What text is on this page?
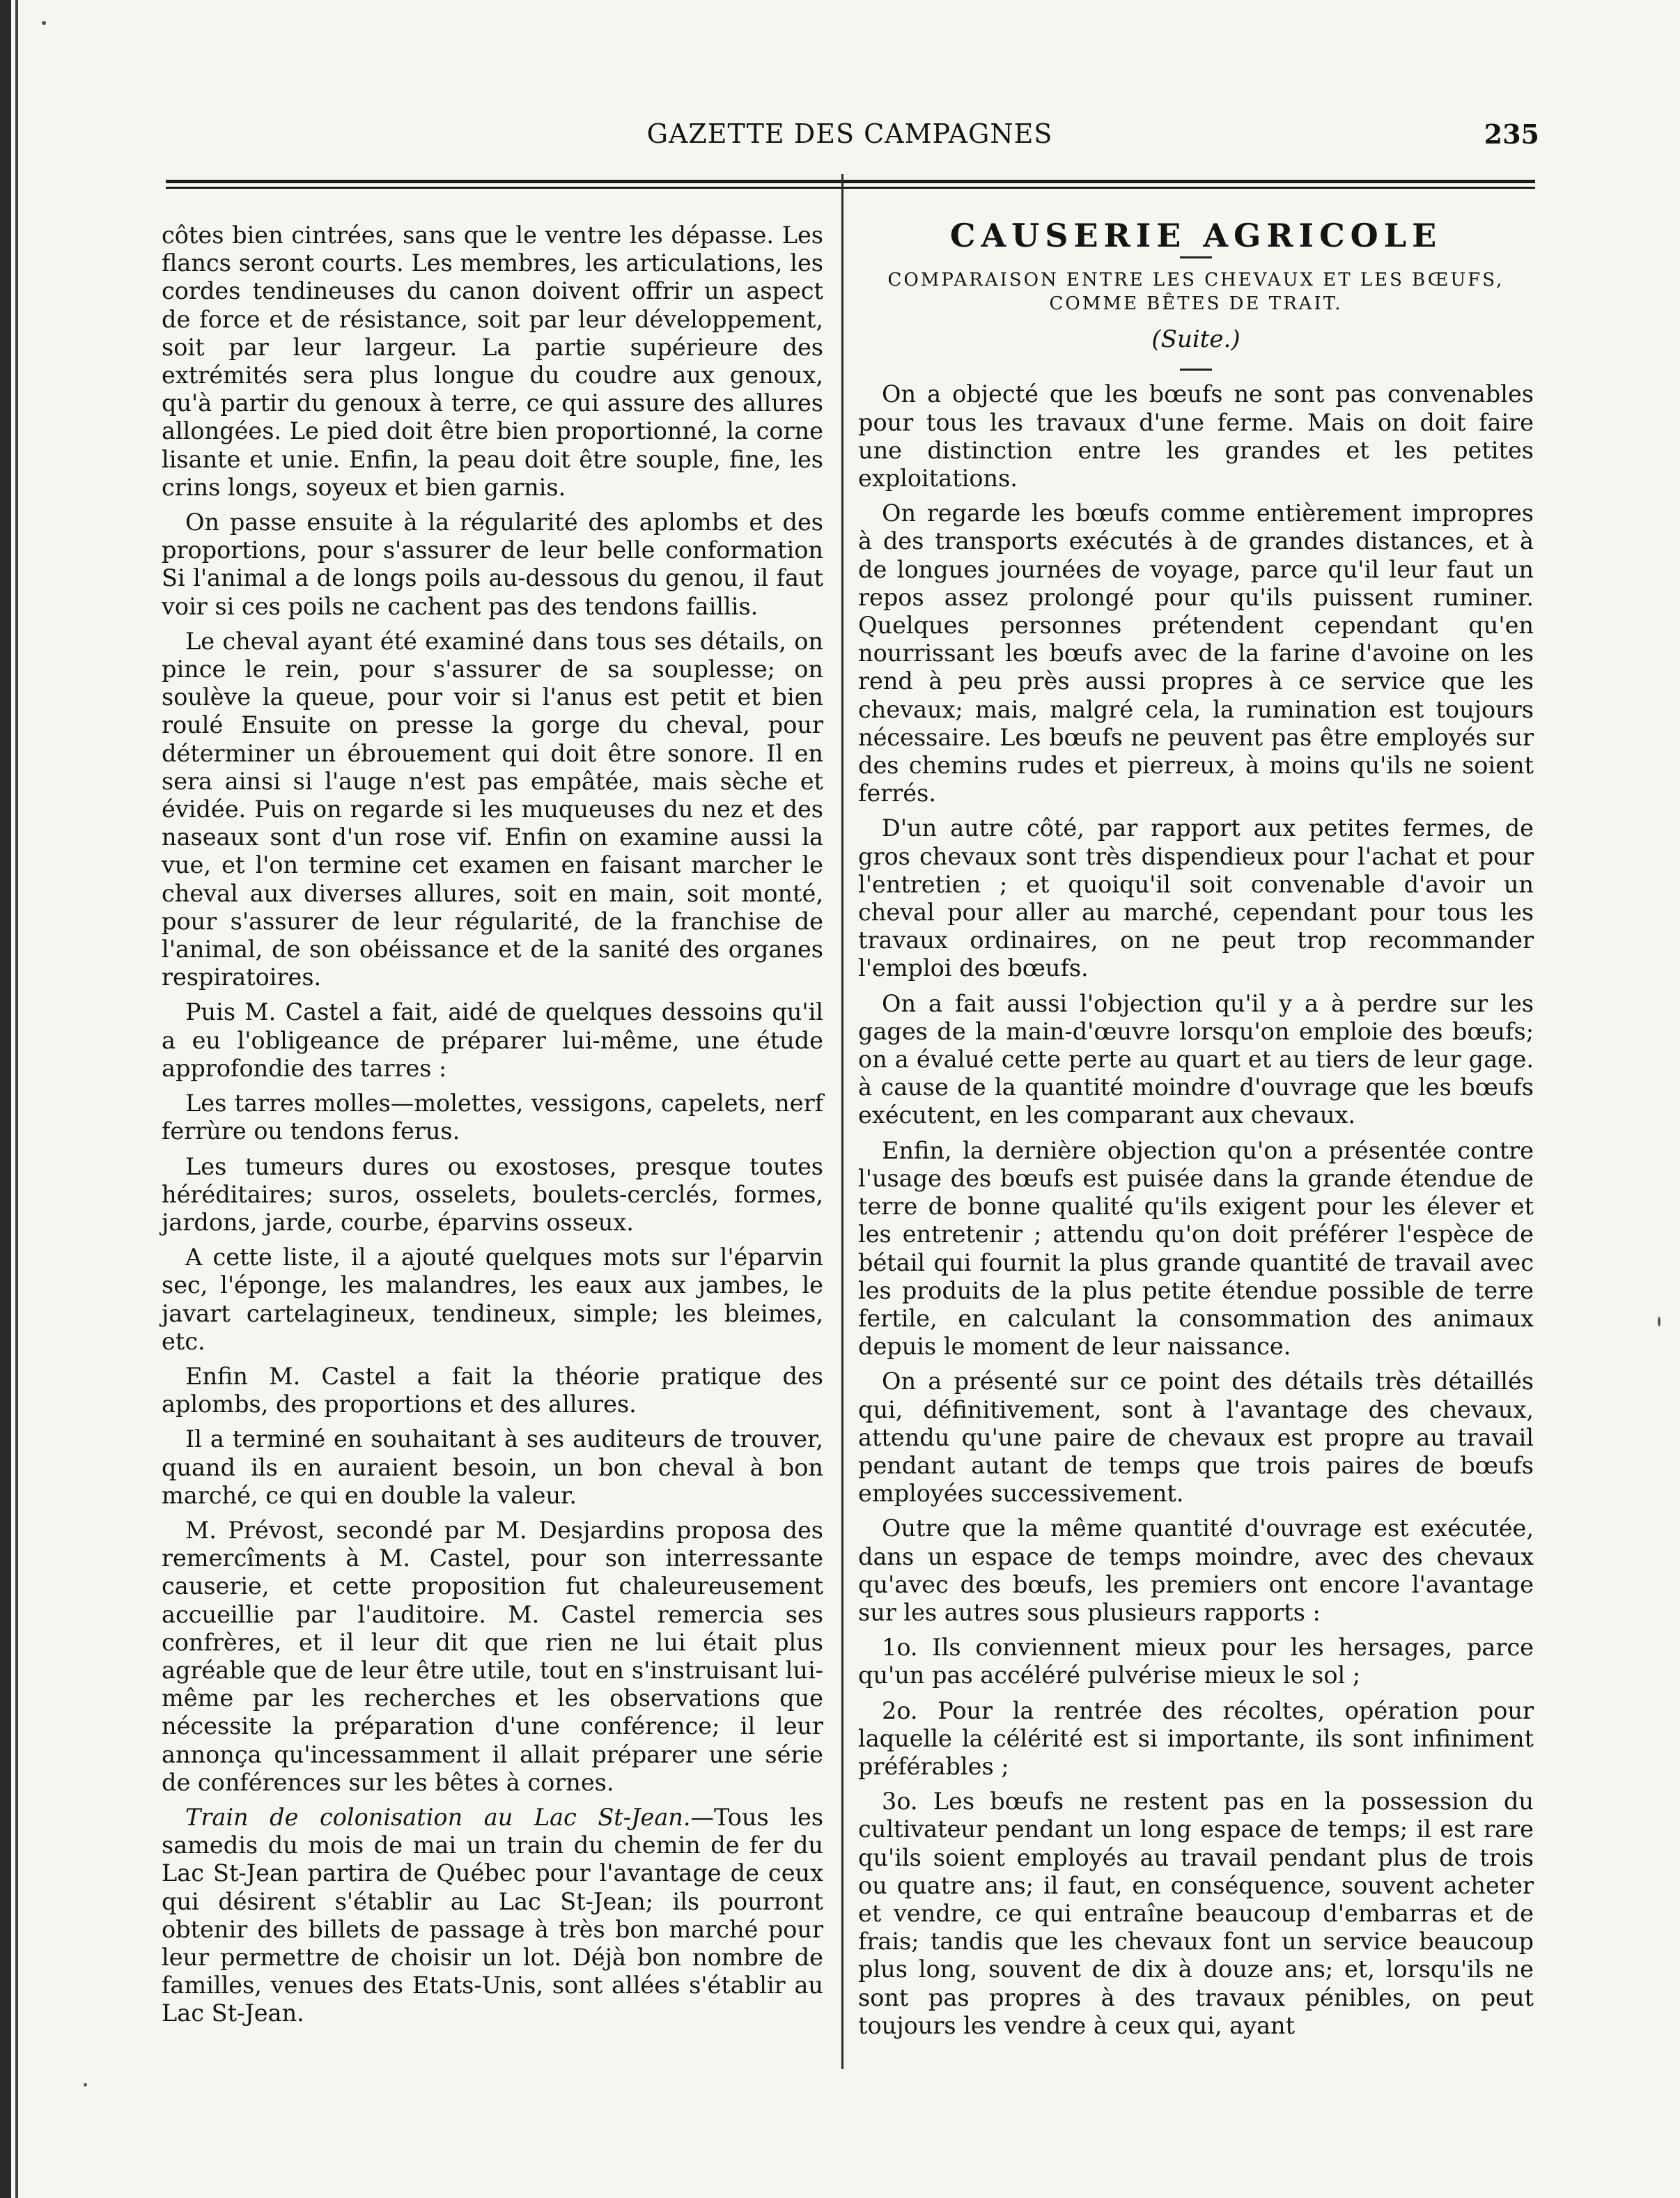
GAZETTE DES CAMPAGNES	235

côtes bien cintrées, sans que le ventre les dépasse. Les flancs seront courts. Les membres, les articulations, les cordes tendineuses du canon doivent offrir un aspect de force et de résistance, soit par leur développement, soit par leur largeur. La partie supérieure des extrémités sera plus longue du coudre aux genoux, qu'à partir du genoux à terre, ce qui assure des allures allongées. Le pied doit être bien proportionné, la corne lisante et unie. Enfin, la peau doit être souple, fine, les crins longs, soyeux et bien garnis.

On passe ensuite à la régularité des aplombs et des proportions, pour s'assurer de leur belle conformation Si l'animal a de longs poils au-dessous du genou, il faut voir si ces poils ne cachent pas des tendons faillis.

Le cheval ayant été examiné dans tous ses détails, on pince le rein, pour s'assurer de sa souplesse; on soulève la queue, pour voir si l'anus est petit et bien roulé Ensuite on presse la gorge du cheval, pour déterminer un ébrouement qui doit être sonore. Il en sera ainsi si l'auge n'est pas empâtée, mais sèche et évidée. Puis on regarde si les muqueuses du nez et des naseaux sont d'un rose vif. Enfin on examine aussi la vue, et l'on termine cet examen en faisant marcher le cheval aux diverses allures, soit en main, soit monté, pour s'assurer de leur régularité, de la franchise de l'animal, de son obéissance et de la sanité des organes respiratoires.

Puis M. Castel a fait, aidé de quelques dessoins qu'il a eu l'obligeance de préparer lui-même, une étude approfondie des tarres :

Les tarres molles—molettes, vessigons, capelets, nerf ferrùre ou tendons ferus.

Les tumeurs dures ou exostoses, presque toutes héréditaires; suros, osselets, boulets-cerclés, formes, jardons, jarde, courbe, éparvins osseux.

A cette liste, il a ajouté quelques mots sur l'éparvin sec, l'éponge, les malandres, les eaux aux jambes, le javart cartelagineux, tendineux, simple; les bleimes, etc.

Enfin M. Castel a fait la théorie pratique des aplombs, des proportions et des allures.

Il a terminé en souhaitant à ses auditeurs de trouver, quand ils en auraient besoin, un bon cheval à bon marché, ce qui en double la valeur.

M. Prévost, secondé par M. Desjardins proposa des remercîments à M. Castel, pour son interressante causerie, et cette proposition fut chaleureusement accueillie par l'auditoire. M. Castel remercia ses confrères, et il leur dit que rien ne lui était plus agréable que de leur être utile, tout en s'instruisant lui-même par les recherches et les observations que nécessite la préparation d'une conférence; il leur annonça qu'incessamment il allait préparer une série de conférences sur les bêtes à cornes.

Train de colonisation au Lac St-Jean.—Tous les samedis du mois de mai un train du chemin de fer du Lac St-Jean partira de Québec pour l'avantage de ceux qui désirent s'établir au Lac St-Jean; ils pourront obtenir des billets de passage à très bon marché pour leur permettre de choisir un lot. Déjà bon nombre de familles, venues des Etats-Unis, sont allées s'établir au Lac St-Jean.

CAUSERIE AGRICOLE
COMPARAISON ENTRE LES CHEVAUX ET LES BŒUFS, COMME BÊTES DE TRAIT.
(Suite.)

On a objecté que les bœufs ne sont pas convenables pour tous les travaux d'une ferme. Mais on doit faire une distinction entre les grandes et les petites exploitations.

On regarde les bœufs comme entièrement impropres à des transports exécutés à de grandes distances, et à de longues journées de voyage, parce qu'il leur faut un repos assez prolongé pour qu'ils puissent ruminer. Quelques personnes prétendent cependant qu'en nourrissant les bœufs avec de la farine d'avoine on les rend à peu près aussi propres à ce service que les chevaux; mais, malgré cela, la rumination est toujours nécessaire. Les bœufs ne peuvent pas être employés sur des chemins rudes et pierreux, à moins qu'ils ne soient ferrés.

D'un autre côté, par rapport aux petites fermes, de gros chevaux sont très dispendieux pour l'achat et pour l'entretien ; et quoiqu'il soit convenable d'avoir un cheval pour aller au marché, cependant pour tous les travaux ordinaires, on ne peut trop recommander l'emploi des bœufs.

On a fait aussi l'objection qu'il y a à perdre sur les gages de la main-d'œuvre lorsqu'on emploie des bœufs; on a évalué cette perte au quart et au tiers de leur gage. à cause de la quantité moindre d'ouvrage que les bœufs exécutent, en les comparant aux chevaux.

Enfin, la dernière objection qu'on a présentée contre l'usage des bœufs est puisée dans la grande étendue de terre de bonne qualité qu'ils exigent pour les élever et les entretenir ; attendu qu'on doit préférer l'espèce de bétail qui fournit la plus grande quantité de travail avec les produits de la plus petite étendue possible de terre fertile, en calculant la consommation des animaux depuis le moment de leur naissance.

On a présenté sur ce point des détails très détaillés qui, définitivement, sont à l'avantage des chevaux, attendu qu'une paire de chevaux est propre au travail pendant autant de temps que trois paires de bœufs employées successivement.

Outre que la même quantité d'ouvrage est exécutée, dans un espace de temps moindre, avec des chevaux qu'avec des bœufs, les premiers ont encore l'avantage sur les autres sous plusieurs rapports :

1o. Ils conviennent mieux pour les hersages, parce qu'un pas accéléré pulvérise mieux le sol ;

2o. Pour la rentrée des récoltes, opération pour laquelle la célérité est si importante, ils sont infiniment préférables ;

3o. Les bœufs ne restent pas en la possession du cultivateur pendant un long espace de temps; il est rare qu'ils soient employés au travail pendant plus de trois ou quatre ans; il faut, en conséquence, souvent acheter et vendre, ce qui entraîne beaucoup d'embarras et de frais; tandis que les chevaux font un service beaucoup plus long, souvent de dix à douze ans; et, lorsqu'ils ne sont pas propres à des travaux pénibles, on peut toujours les vendre à ceux qui, ayant
